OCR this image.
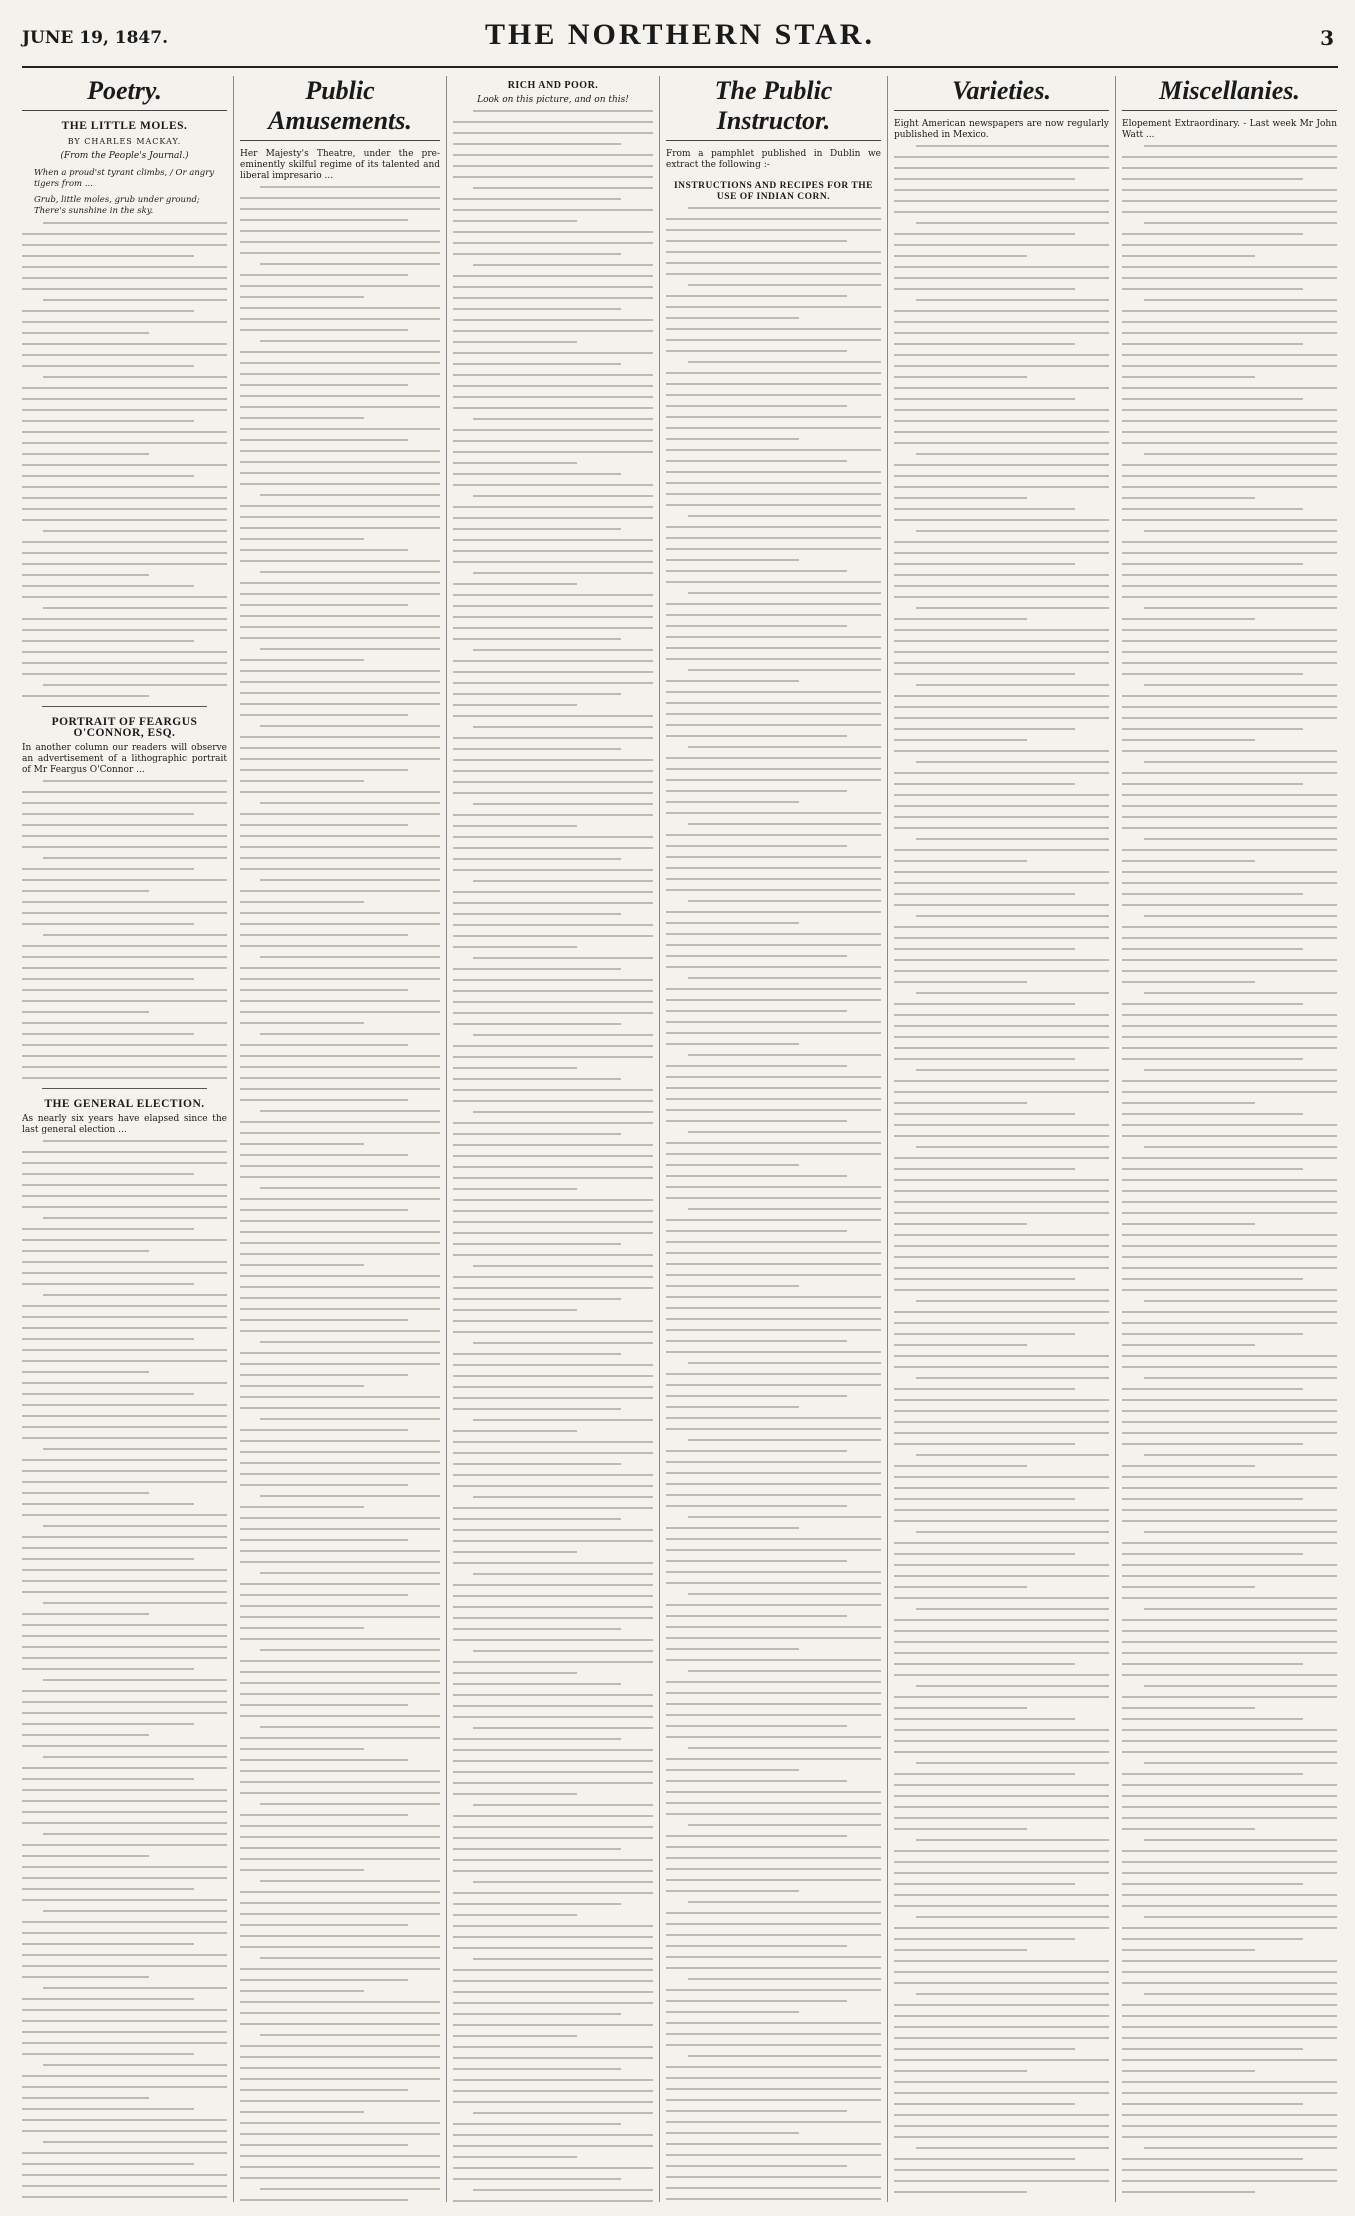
JUNE 19, 1847.	THE NORTHERN STAR.	3
Poetry.
THE LITTLE MOLES.
BY CHARLES MACKAY.
(From the People's Journal.)
When a proud'st tyrant climbs, / Or angry tigers from ...
Grub, little moles, grub under ground; There's sunshine in the sky.
PORTRAIT OF FEARGUS O'CONNOR, ESQ.
In another column our readers will observe an advertisement of a lithographic portrait of Mr Feargus O'Connor ...
THE GENERAL ELECTION.
As nearly six years have elapsed since the last general election ...
Public Amusements.
Her Majesty's Theatre, under the pre-eminently skilful regime of its talented and liberal impresario ...
RICH AND POOR.
Look on this picture, and on this!	The Public Instructor.
From a pamphlet published in Dublin we extract the following :-
INSTRUCTIONS AND RECIPES FOR THE USE OF INDIAN CORN.
Varieties.
Eight American newspapers are now regularly published in Mexico.
Miscellanies.
Elopement Extraordinary. - Last week Mr John Watt ...
